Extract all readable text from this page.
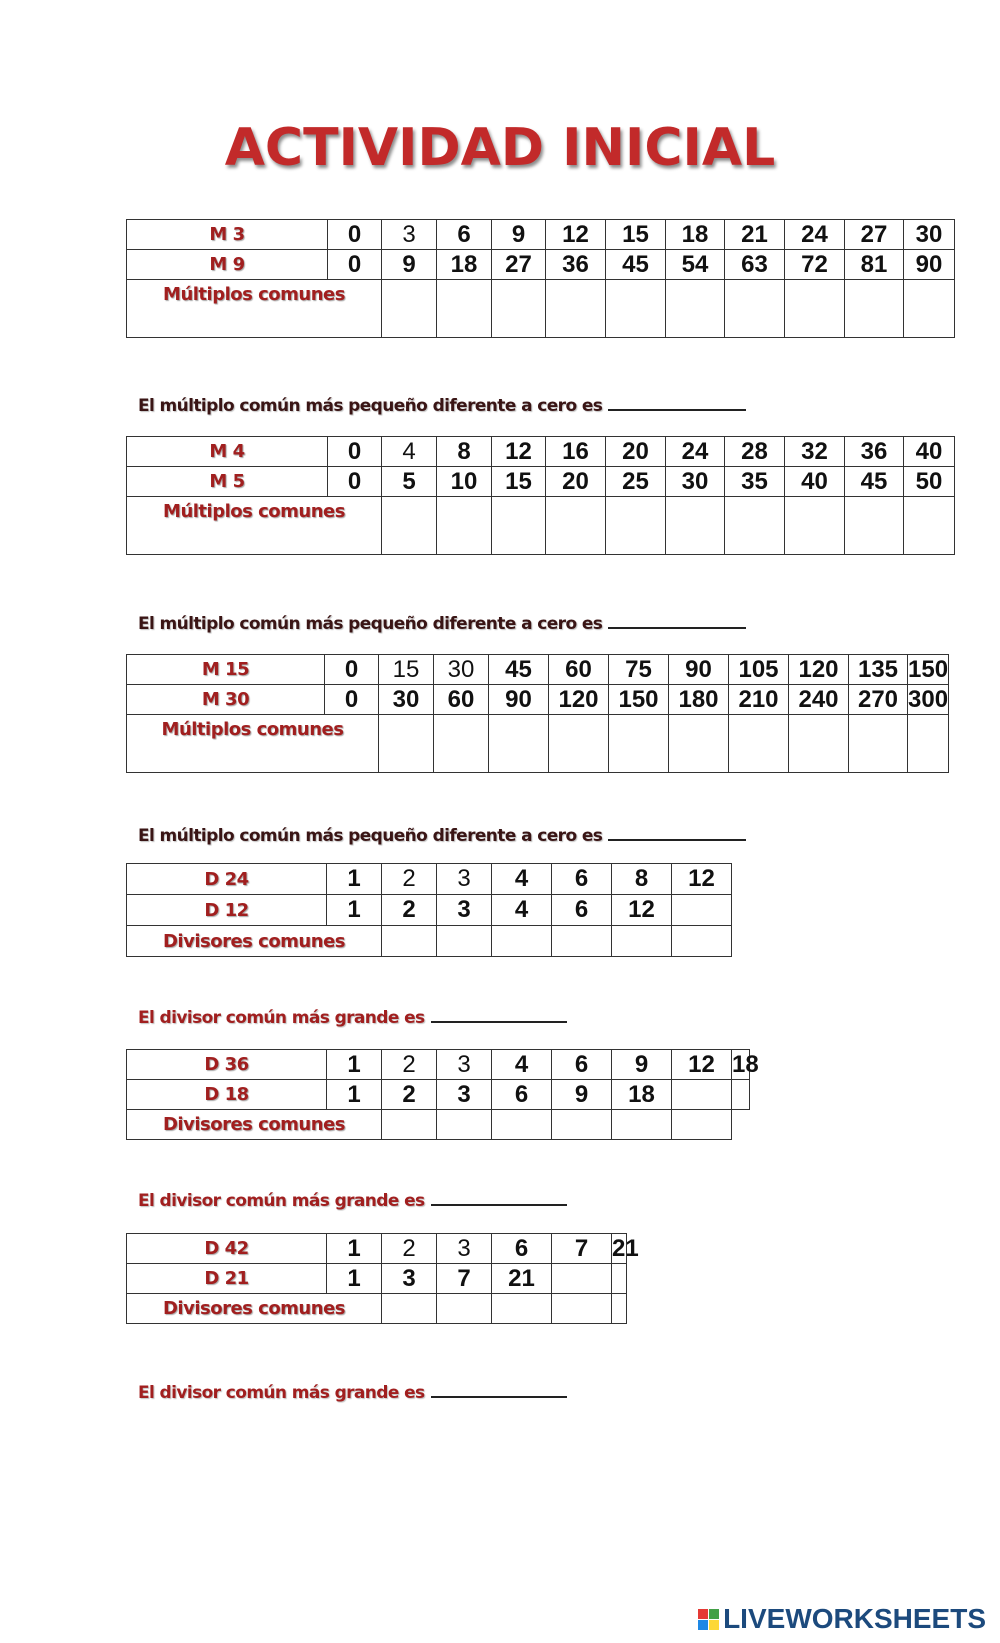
ACTIVIDAD INICIAL
M 3	0	3	6	9	12	15	18	21	24	27	30
M 9	0	9	18	27	36	45	54	63	72	81	90
Múltiplos comunes											
El múltiplo común más pequeño diferente a cero es
M 4	0	4	8	12	16	20	24	28	32	36	40
M 5	0	5	10	15	20	25	30	35	40	45	50
Múltiplos comunes											
El múltiplo común más pequeño diferente a cero es
M 15	0	15	30	45	60	75	90	105	120	135	150
M 30	0	30	60	90	120	150	180	210	240	270	300
Múltiplos comunes											
El múltiplo común más pequeño diferente a cero es
D 24	1	2	3	4	6	8	12	
D 12	1	2	3	4	6	12		
Divisores comunes								
El divisor común más grande es
D 36	1	2	3	4	6	9	12	18
D 18	1	2	3	6	9	18		
Divisores comunes								
El divisor común más grande es
D 42	1	2	3	6	7	21
D 21	1	3	7	21		
Divisores comunes						
El divisor común más grande es
LIVEWORKSHEETS
